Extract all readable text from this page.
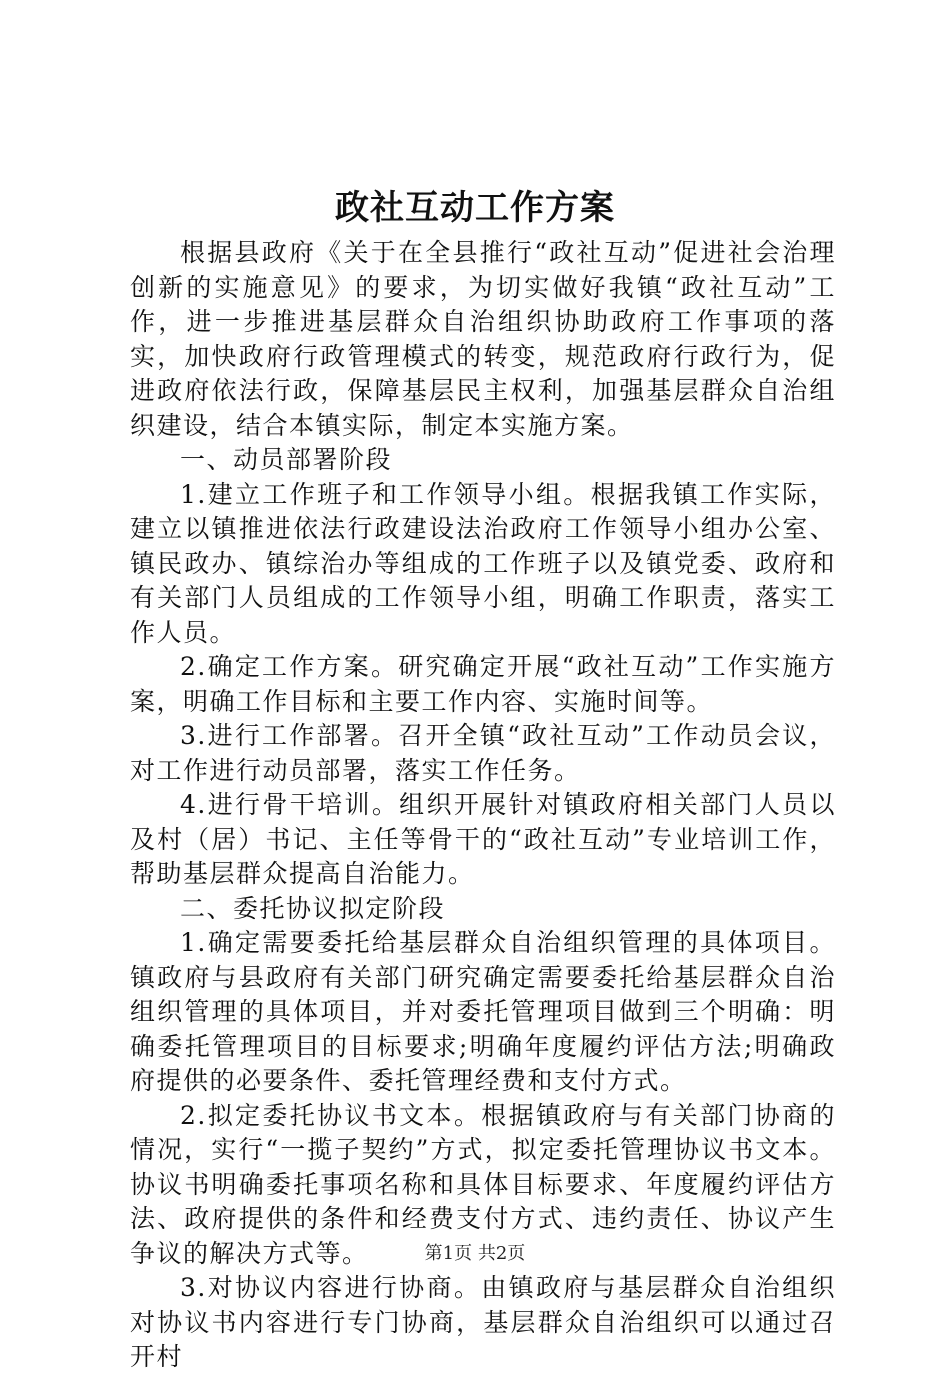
政社互动工作方案

根据县政府《关于在全县推行“政社互动”促进社会治理创新的实施意见》的要求，为切实做好我镇“政社互动”工作，进一步推进基层群众自治组织协助政府工作事项的落实，加快政府行政管理模式的转变，规范政府行政行为，促进政府依法行政，保障基层民主权利，加强基层群众自治组织建设，结合本镇实际，制定本实施方案。

一、动员部署阶段

1.建立工作班子和工作领导小组。根据我镇工作实际，建立以镇推进依法行政建设法治政府工作领导小组办公室、镇民政办、镇综治办等组成的工作班子以及镇党委、政府和有关部门人员组成的工作领导小组，明确工作职责，落实工作人员。

2.确定工作方案。研究确定开展“政社互动”工作实施方案，明确工作目标和主要工作内容、实施时间等。

3.进行工作部署。召开全镇“政社互动”工作动员会议，对工作进行动员部署，落实工作任务。

4.进行骨干培训。组织开展针对镇政府相关部门人员以及村（居）书记、主任等骨干的“政社互动”专业培训工作，帮助基层群众提高自治能力。

二、委托协议拟定阶段

1.确定需要委托给基层群众自治组织管理的具体项目。镇政府与县政府有关部门研究确定需要委托给基层群众自治组织管理的具体项目，并对委托管理项目做到三个明确：明确委托管理项目的目标要求;明确年度履约评估方法;明确政府提供的必要条件、委托管理经费和支付方式。

2.拟定委托协议书文本。根据镇政府与有关部门协商的情况，实行“一揽子契约”方式，拟定委托管理协议书文本。协议书明确委托事项名称和具体目标要求、年度履约评估方法、政府提供的条件和经费支付方式、违约责任、协议产生争议的解决方式等。

3.对协议内容进行协商。由镇政府与基层群众自治组织对协议书内容进行专门协商，基层群众自治组织可以通过召开村

第1页 共2页
